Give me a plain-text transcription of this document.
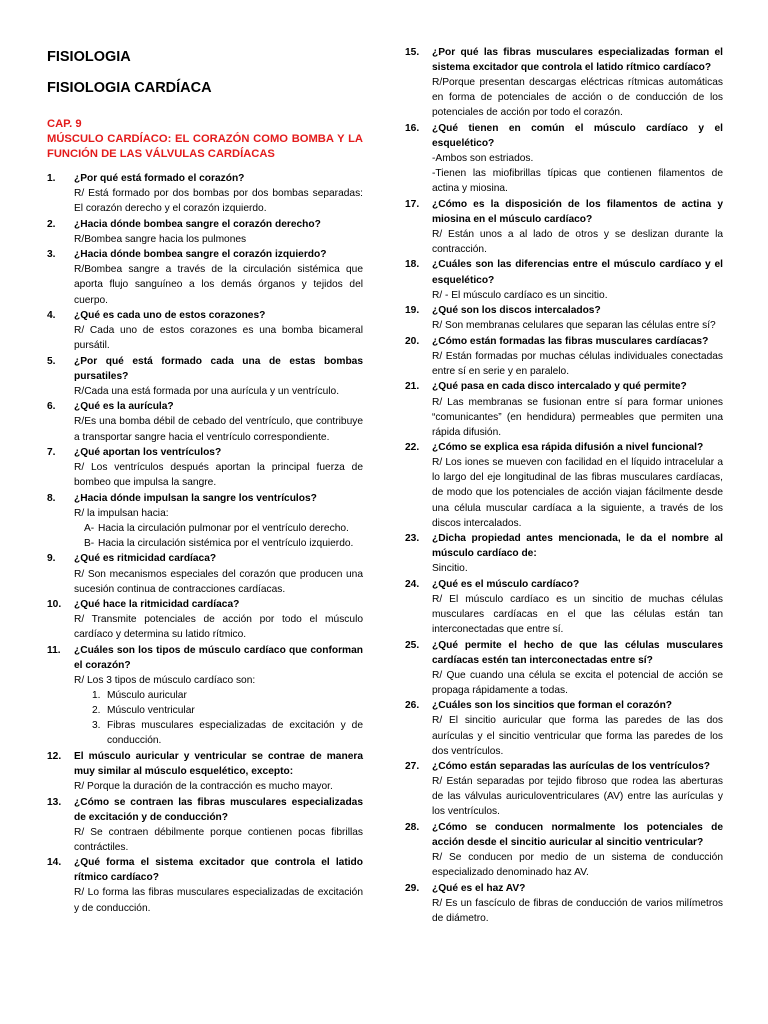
FISIOLOGIA
FISIOLOGIA CARDÍACA

CAP. 9

MÚSCULO CARDÍACO: EL CORAZÓN COMO BOMBA Y LA FUNCIÓN DE LAS VÁLVULAS CARDÍACAS

1. ¿Por qué está formado el corazón?
R/ Está formado por dos bombas por dos bombas separadas: El corazón derecho y el corazón izquierdo.
2. ¿Hacia dónde bombea sangre el corazón derecho?
R/Bombea sangre hacia los pulmones
3. ¿Hacia dónde bombea sangre el corazón izquierdo?
R/Bombea sangre a través de la circulación sistémica que aporta flujo sanguíneo a los demás órganos y tejidos del cuerpo.
4. ¿Qué es cada uno de estos corazones?
R/ Cada uno de estos corazones es una bomba bicameral pursátil.
5. ¿Por qué está formado cada una de estas bombas pursatiles?
R/Cada una está formada por una aurícula y un ventrículo.
6. ¿Qué es la aurícula?
R/Es una bomba débil de cebado del ventrículo, que contribuye a transportar sangre hacia el ventrículo correspondiente.
7. ¿Qué aportan los ventrículos?
R/ Los ventrículos después aportan la principal fuerza de bombeo que impulsa la sangre.
8. ¿Hacia dónde impulsan la sangre los ventrículos?
R/ la impulsan hacia:
A- Hacia la circulación pulmonar por el ventrículo derecho.
B- Hacia la circulación sistémica por el ventrículo izquierdo.
9. ¿Qué es ritmicidad cardíaca?
R/ Son mecanismos especiales del corazón que producen una sucesión continua de contracciones cardíacas.
10. ¿Qué hace la ritmicidad cardíaca?
R/ Transmite potenciales de acción por todo el músculo cardíaco y determina su latido rítmico.
11. ¿Cuáles son los tipos de músculo cardíaco que conforman el corazón?
R/ Los 3 tipos de músculo cardíaco son:
1. Músculo auricular
2. Músculo ventricular
3. Fibras musculares especializadas de excitación y de conducción.
12. El músculo auricular y ventricular se contrae de manera muy similar al músculo esquelético, excepto:
R/ Porque la duración de la contracción es mucho mayor.
13. ¿Cómo se contraen las fibras musculares especializadas de excitación y de conducción?
R/ Se contraen débilmente porque contienen pocas fibrillas contráctiles.
14. ¿Qué forma el sistema excitador que controla el latido rítmico cardíaco?
R/ Lo forma las fibras musculares especializadas de excitación y de conducción.
15. ¿Por qué las fibras musculares especializadas forman el sistema excitador que controla el latido rítmico cardíaco?
R/Porque presentan descargas eléctricas rítmicas automáticas en forma de potenciales de acción o de conducción de los potenciales de acción por todo el corazón.
16. ¿Qué tienen en común el músculo cardíaco y el esquelético?
-Ambos son estriados.
-Tienen las miofibrillas típicas que contienen filamentos de actina y miosina.
17. ¿Cómo es la disposición de los filamentos de actina y miosina en el músculo cardíaco?
R/ Están unos a al lado de otros y se deslizan durante la contracción.
18. ¿Cuáles son las diferencias entre el músculo cardíaco y el esquelético?
R/ - El músculo cardíaco es un sincitio.
19. ¿Qué son los discos intercalados?
R/ Son membranas celulares que separan las células entre sí?
20. ¿Cómo están formadas las fibras musculares cardíacas?
R/ Están formadas por muchas células individuales conectadas entre sí en serie y en paralelo.
21. ¿Qué pasa en cada disco intercalado y qué permite?
R/ Las membranas se fusionan entre sí para formar uniones “comunicantes” (en hendidura) permeables que permiten una rápida difusión.
22. ¿Cómo se explica esa rápida difusión a nivel funcional?
R/ Los iones se mueven con facilidad en el líquido intracelular a lo largo del eje longitudinal de las fibras musculares cardíacas, de modo que los potenciales de acción viajan fácilmente desde una célula muscular cardíaca a la siguiente, a través de los discos intercalados.
23. ¿Dicha propiedad antes mencionada, le da el nombre al músculo cardíaco de:
Sincitio.
24. ¿Qué es el músculo cardíaco?
R/ El músculo cardíaco es un sincitio de muchas células musculares cardíacas en el que las células están tan interconectadas que entre sí.
25. ¿Qué permite el hecho de que las células musculares cardíacas estén tan interconectadas entre sí?
R/ Que cuando una célula se excita el potencial de acción se propaga rápidamente a todas.
26. ¿Cuáles son los sincitios que forman el corazón?
R/ El sincitio auricular que forma las paredes de las dos aurículas y el sincitio ventricular que forma las paredes de los dos ventrículos.
27. ¿Cómo están separadas las aurículas de los ventrículos?
R/ Están separadas por tejido fibroso que rodea las aberturas de las válvulas auriculoventriculares (AV) entre las aurículas y los ventrículos.
28. ¿Cómo se conducen normalmente los potenciales de acción desde el sincitio auricular al sincitio ventricular?
R/ Se conducen por medio de un sistema de conducción especializado denominado haz AV.
29. ¿Qué es el haz AV?
R/ Es un fascículo de fibras de conducción de varios milímetros de diámetro.
